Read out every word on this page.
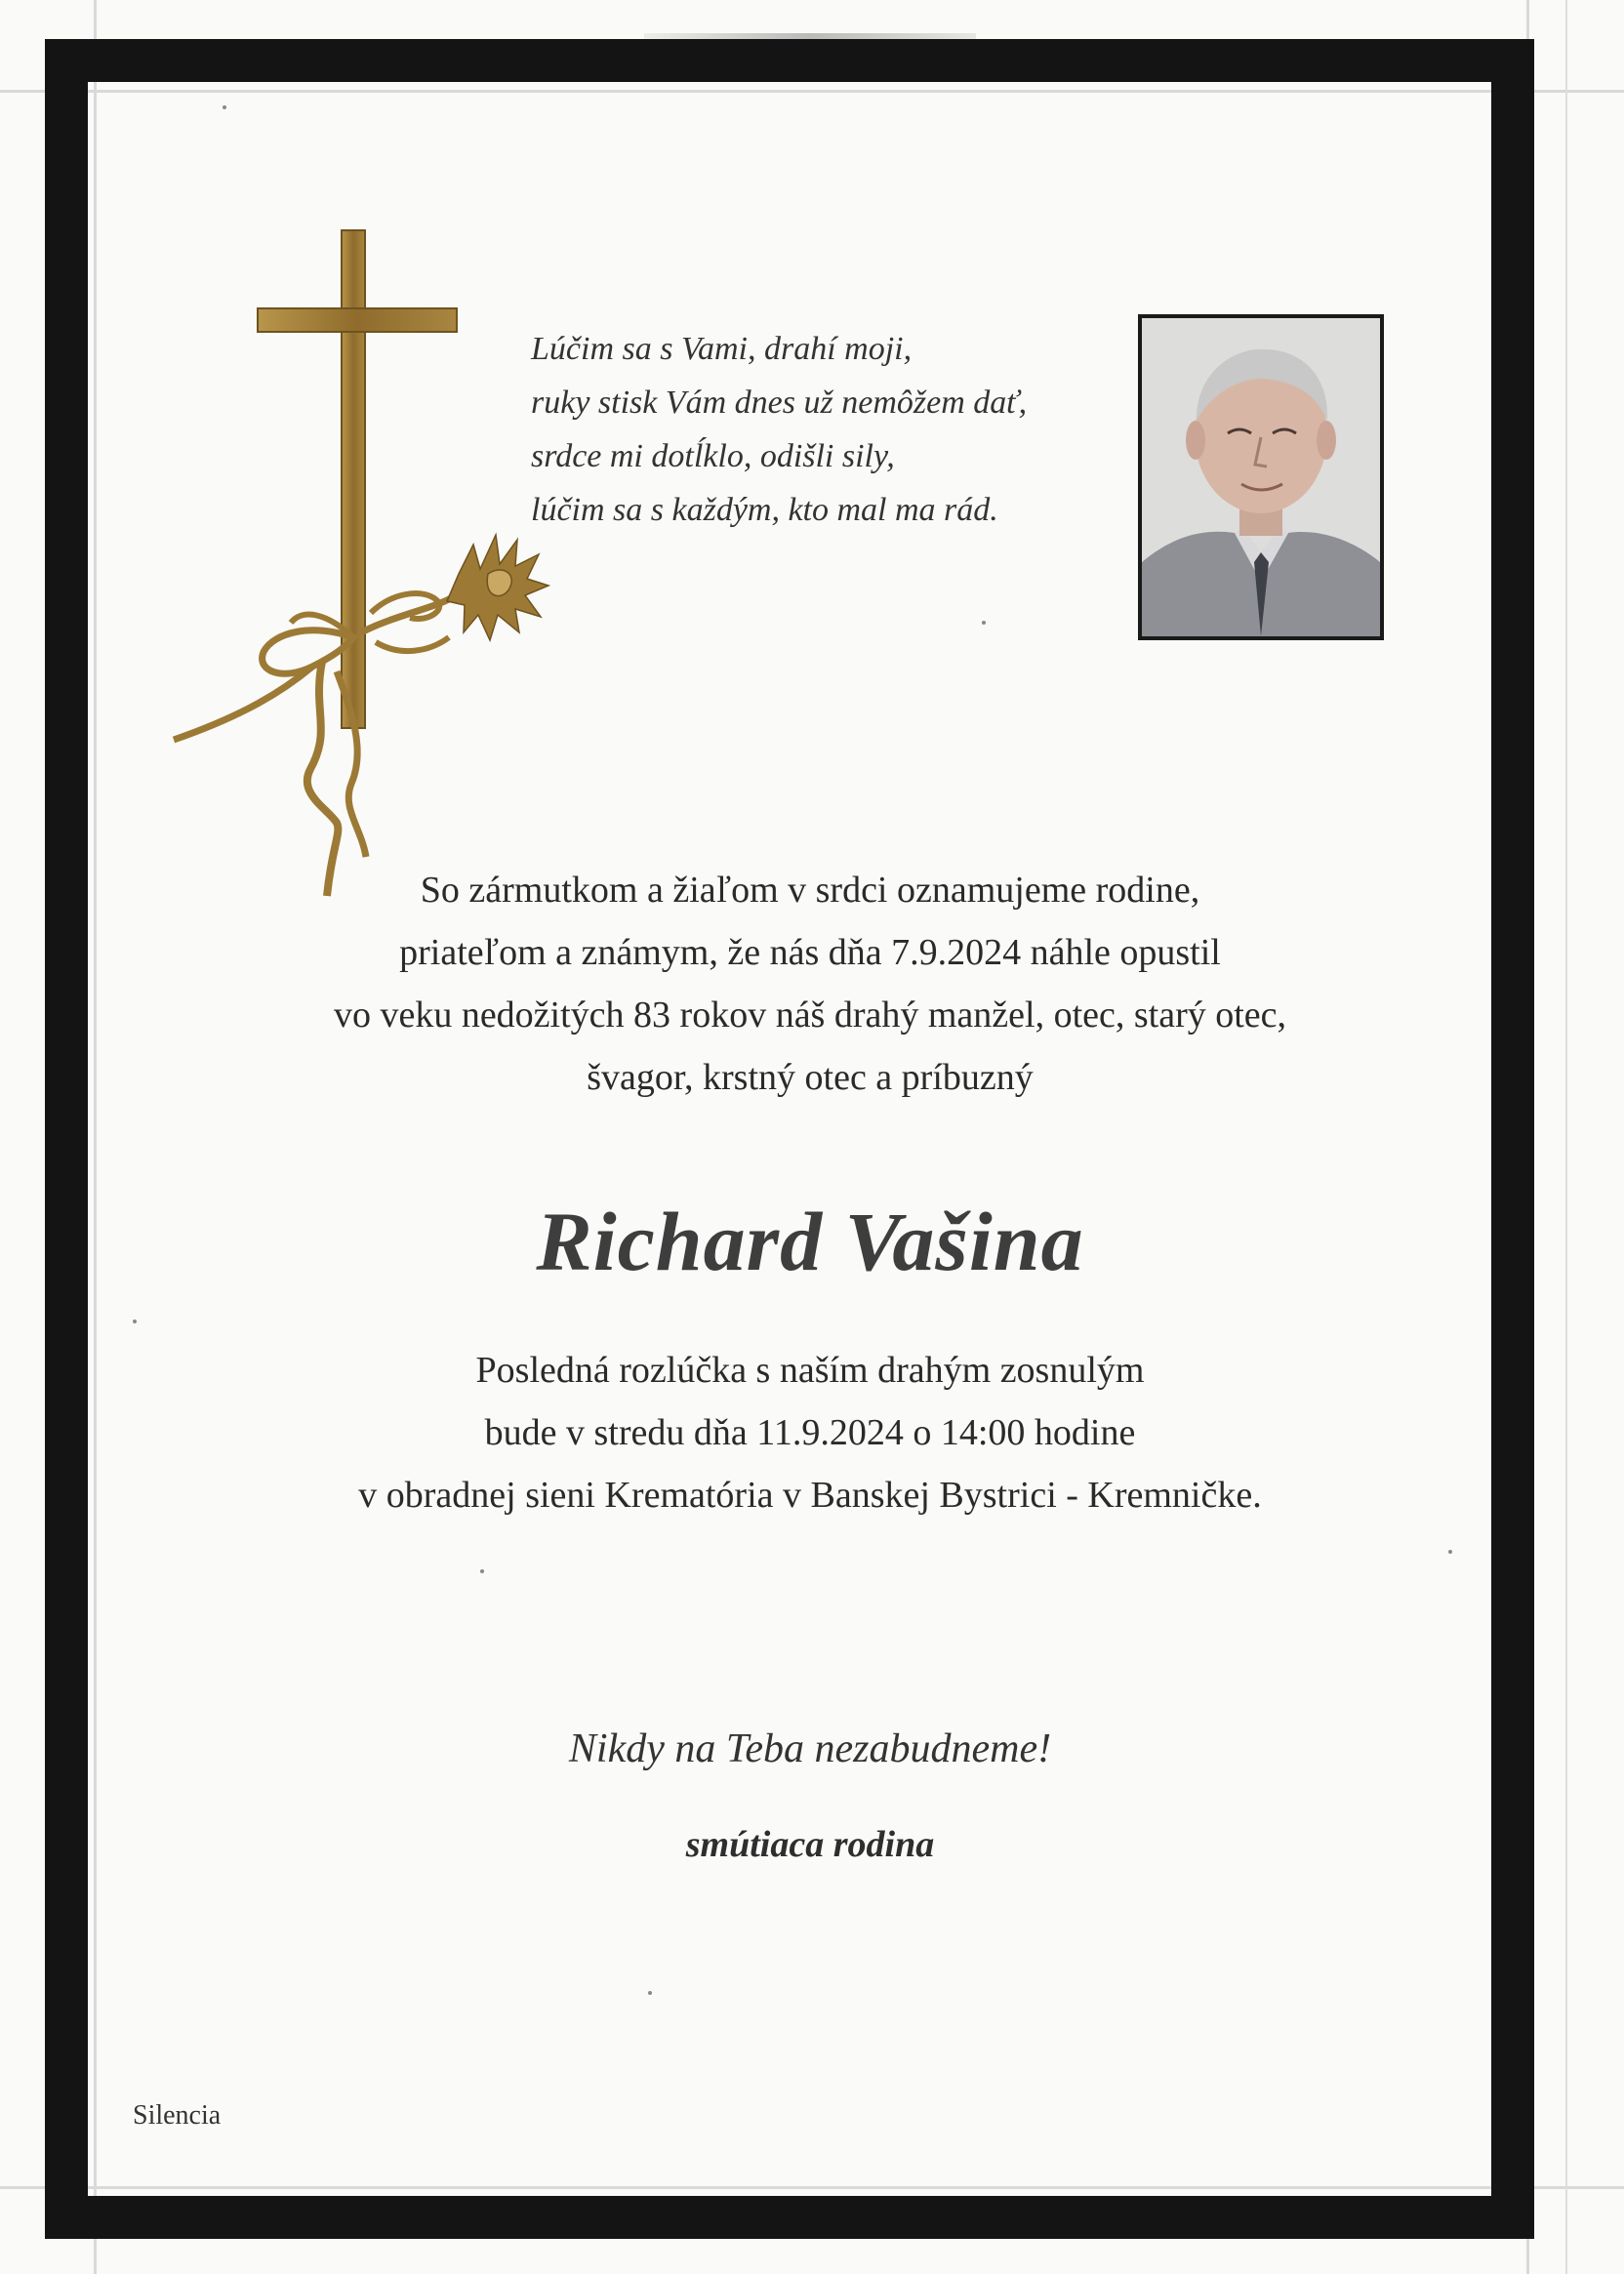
Lúčim sa s Vami, drahí moji,
ruky stisk Vám dnes už nemôžem dať,
srdce mi dotĺklo, odišli sily,
lúčim sa s každým, kto mal ma rád.
So zármutkom a žiaľom v srdci oznamujeme rodine,
priateľom a známym, že nás dňa 7.9.2024 náhle opustil
vo veku nedožitých 83 rokov náš drahý manžel, otec, starý otec,
švagor, krstný otec a príbuzný
Richard Vašina
Posledná rozlúčka s naším drahým zosnulým
bude v stredu dňa 11.9.2024 o 14:00 hodine
v obradnej sieni Krematória v Banskej Bystrici - Kremničke.
Nikdy na Teba nezabudneme!
smútiaca rodina
Silencia
